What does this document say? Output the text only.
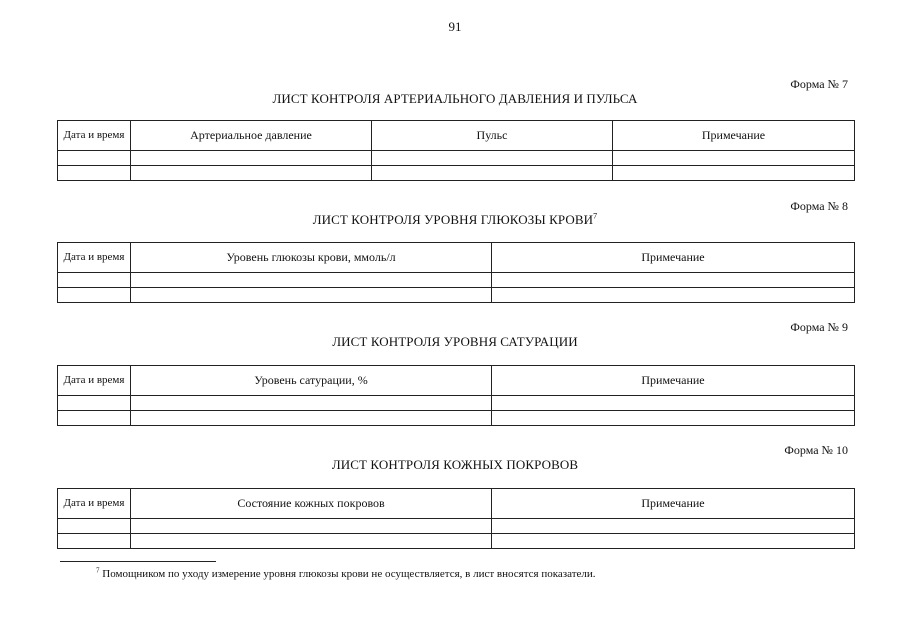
91
Форма № 7
ЛИСТ КОНТРОЛЯ АРТЕРИАЛЬНОГО ДАВЛЕНИЯ И ПУЛЬСА
Дата и время	Артериальное давление	Пульс	Примечание

Форма № 8
ЛИСТ КОНТРОЛЯ УРОВНЯ ГЛЮКОЗЫ КРОВИ$^7$
Дата и время	Уровень глюкозы крови, ммоль/л	Примечание

Форма № 9
ЛИСТ КОНТРОЛЯ УРОВНЯ САТУРАЦИИ
Дата и время	Уровень сатурации, %	Примечание

Форма № 10
ЛИСТ КОНТРОЛЯ КОЖНЫХ ПОКРОВОВ
Дата и время	Состояние кожных покровов	Примечание

$^7$ Помощником по уходу измерение уровня глюкозы крови не осуществляется, в лист вносятся показатели.
